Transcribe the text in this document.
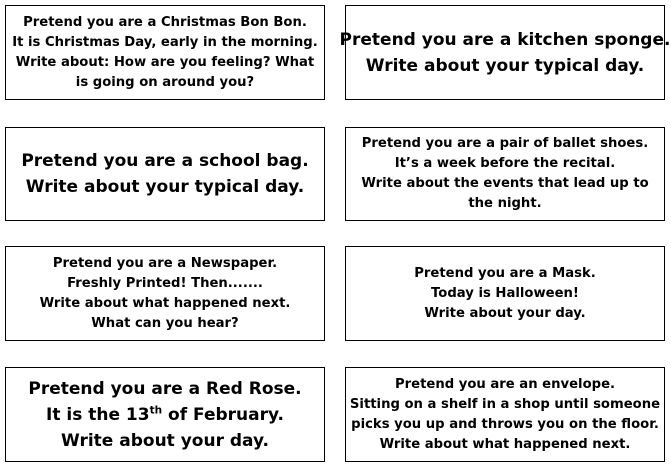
Pretend you are a Christmas Bon Bon.
It is Christmas Day, early in the morning.
Write about: How are you feeling? What
is going on around you?
Pretend you are a kitchen sponge.
Write about your typical day.
Pretend you are a school bag.
Write about your typical day.
Pretend you are a pair of ballet shoes.
It’s a week before the recital.
Write about the events that lead up to
the night.
Pretend you are a Newspaper.
Freshly Printed! Then.......
Write about what happened next.
What can you hear?
Pretend you are a Mask.
Today is Halloween!
Write about your day.
Pretend you are a Red Rose.
It is the 13th of February.
Write about your day.
Pretend you are an envelope.
Sitting on a shelf in a shop until someone
picks you up and throws you on the floor.
Write about what happened next.
